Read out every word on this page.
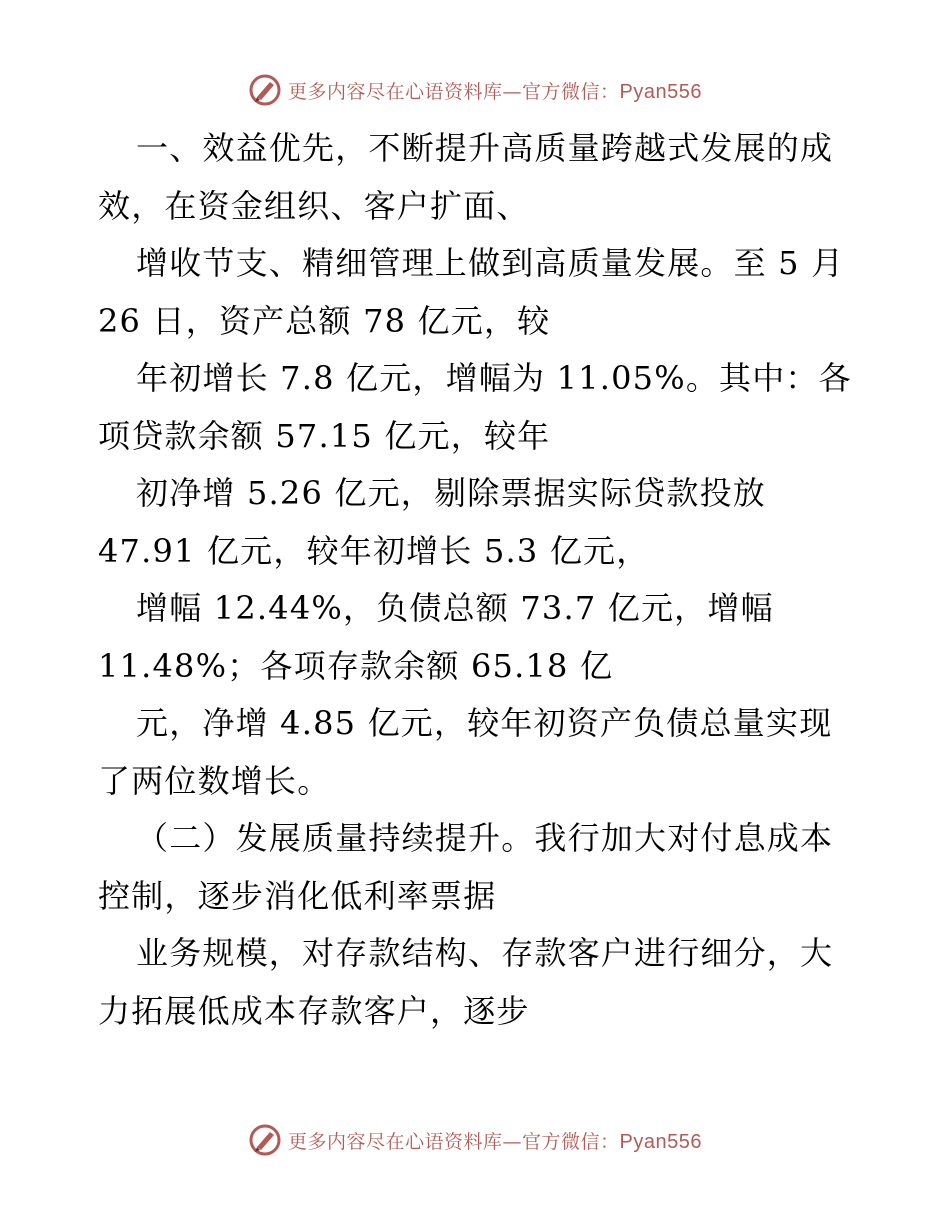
更多内容尽在心语资料库—官方微信：Pyan556

一、效益优先，不断提升高质量跨越式发展的成

效，在资金组织、客户扩面、

增收节支、精细管理上做到高质量发展。至 5 月

26 日，资产总额 78 亿元，较

年初增长 7.8 亿元，增幅为 11.05%。其中：各

项贷款余额 57.15 亿元，较年

初净增 5.26 亿元，剔除票据实际贷款投放

47.91 亿元，较年初增长 5.3 亿元，

增幅 12.44%，负债总额 73.7 亿元，增幅

11.48%；各项存款余额 65.18 亿

元，净增 4.85 亿元，较年初资产负债总量实现

了两位数增长。

（二）发展质量持续提升。我行加大对付息成本

控制，逐步消化低利率票据

业务规模，对存款结构、存款客户进行细分，大

力拓展低成本存款客户，逐步

更多内容尽在心语资料库—官方微信：Pyan556
